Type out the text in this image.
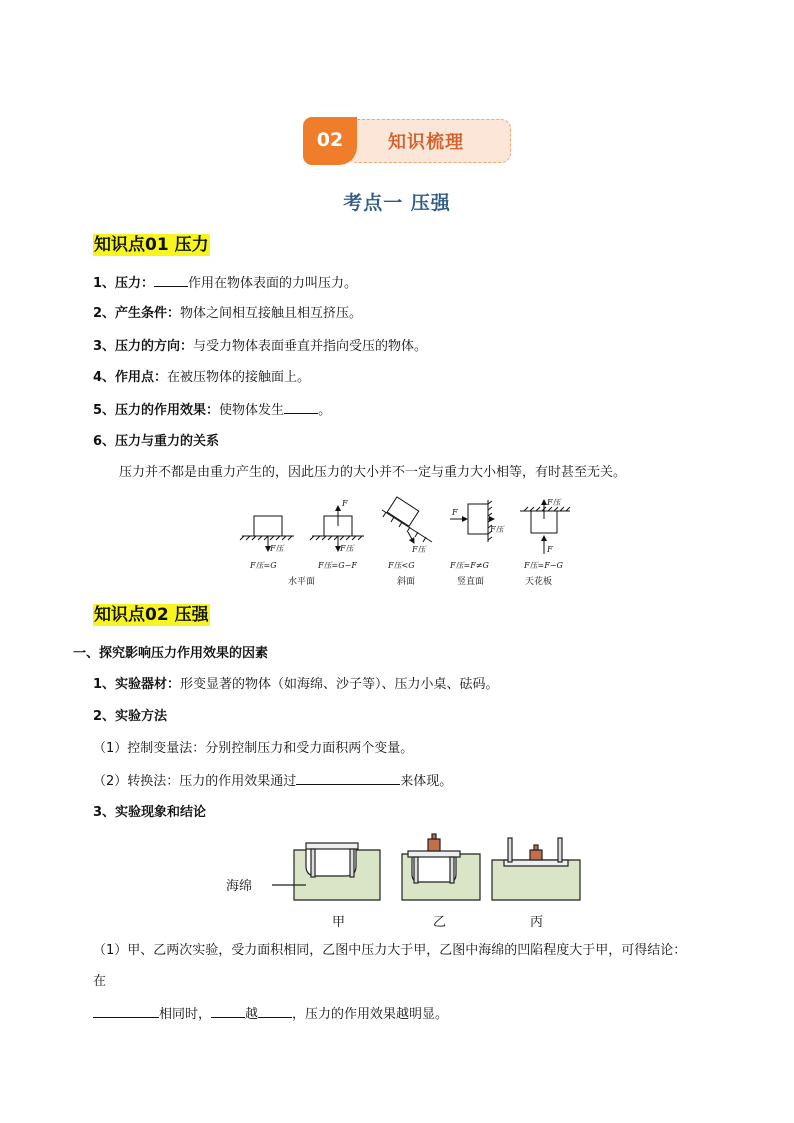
02	知识梳理
考点一 压强
知识点01 压力
1、压力：	作用在物体表面的力叫压力。
2、产生条件：物体之间相互接触且相互挤压。
3、压力的方向：与受力物体表面垂直并指向受压的物体。
4、作用点：在被压物体的接触面上。
5、压力的作用效果：使物体发生	。
6、压力与重力的关系
压力并不都是由重力产生的，因此压力的大小并不一定与重力大小相等，有时甚至无关。
F压
F
F压	F压
F
F压
F压
F
F压=G	F压=G−F	F压<G	F压=F≠G	F压=F−G
水平面	斜面	竖直面	天花板
知识点02 压强
一、探究影响压力作用效果的因素
1、实验器材：形变显著的物体（如海绵、沙子等）、压力小桌、砝码。
2、实验方法
（1）控制变量法：分别控制压力和受力面积两个变量。
（2）转换法：压力的作用效果通过	来体现。
3、实验现象和结论
海绵
甲	乙	丙
（1）甲、乙两次实验，受力面积相同，乙图中压力大于甲，乙图中海绵的凹陷程度大于甲，可得结论：
在
相同时，	越	，压力的作用效果越明显。
